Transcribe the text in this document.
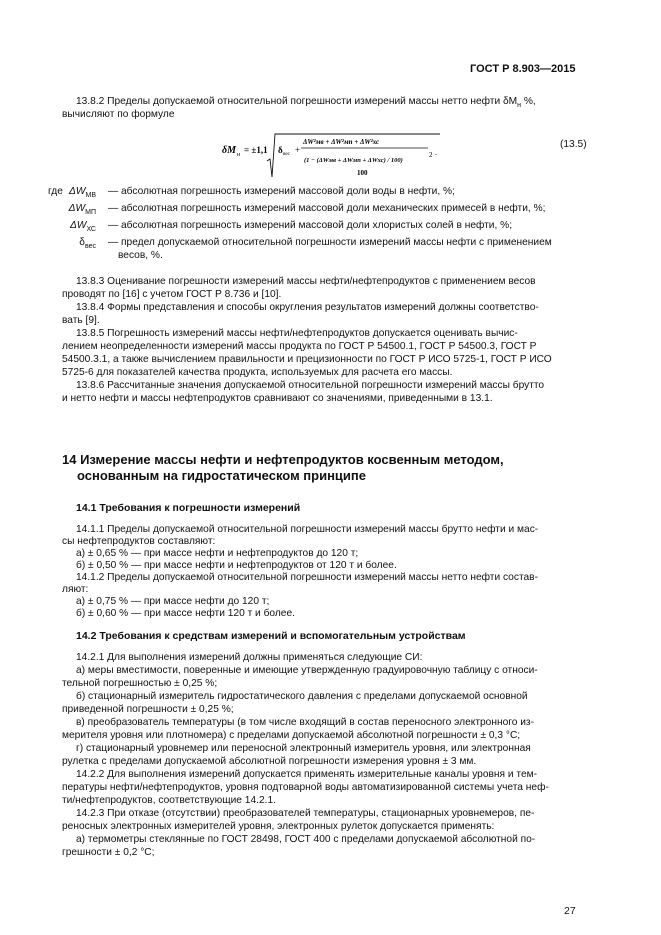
ГОСТ Р 8.903—2015
13.8.2 Пределы допускаемой относительной погрешности измерений массы нетто нефти $\delta M_н$ %,
вычисляют по формуле
δM н = ±1,1 δ вес +
ΔW²мв + ΔW²мп + ΔW²хс
(1 − (ΔWмв + ΔWмп + ΔWхс) / 100)
100
2 .
(13.5)
где $\Delta W_{МВ}$ — абсолютная погрешность измерений массовой доли воды в нефти, %;
$\Delta W_{МП}$ — абсолютная погрешность измерений массовой доли механических примесей в нефти, %;
$\Delta W_{ХС}$ — абсолютная погрешность измерений массовой доли хлористых солей в нефти, %;
$\delta_{вес}$ — предел допускаемой относительной погрешности измерений массы нефти с применением
весов, %.
13.8.3 Оценивание погрешности измерений массы нефти/нефтепродуктов с применением весов
проводят по [16] с учетом ГОСТ Р 8.736 и [10].
13.8.4 Формы представления и способы округления результатов измерений должны соответство-
вать [9].
13.8.5 Погрешность измерений массы нефти/нефтепродуктов допускается оценивать вычис-
лением неопределенности измерений массы продукта по ГОСТ Р 54500.1, ГОСТ Р 54500.3, ГОСТ Р
54500.3.1, а также вычислением правильности и прецизионности по ГОСТ Р ИСО 5725-1, ГОСТ Р ИСО
5725-6 для показателей качества продукта, используемых для расчета его массы.
13.8.6 Рассчитанные значения допускаемой относительной погрешности измерений массы брутто
и нетто нефти и массы нефтепродуктов сравнивают со значениями, приведенными в 13.1.
14 Измерение массы нефти и нефтепродуктов косвенным методом,
основанным на гидростатическом принципе
14.1 Требования к погрешности измерений
14.1.1 Пределы допускаемой относительной погрешности измерений массы брутто нефти и мас-
сы нефтепродуктов составляют:
а) ± 0,65 % — при массе нефти и нефтепродуктов до 120 т;
б) ± 0,50 % — при массе нефти и нефтепродуктов от 120 т и более.
14.1.2 Пределы допускаемой относительной погрешности измерений массы нетто нефти состав-
ляют:
а) ± 0,75 % — при массе нефти до 120 т;
б) ± 0,60 % — при массе нефти 120 т и более.
14.2 Требования к средствам измерений и вспомогательным устройствам
14.2.1 Для выполнения измерений должны применяться следующие СИ:
а) меры вместимости, поверенные и имеющие утвержденную градуировочную таблицу с относи-
тельной погрешностью ± 0,25 %;
б) стационарный измеритель гидростатического давления с пределами допускаемой основной
приведенной погрешности ± 0,25 %;
в) преобразователь температуры (в том числе входящий в состав переносного электронного из-
мерителя уровня или плотномера) с пределами допускаемой абсолютной погрешности ± 0,3 °C;
г) стационарный уровнемер или переносной электронный измеритель уровня, или электронная
рулетка с пределами допускаемой абсолютной погрешности измерения уровня ± 3 мм.
14.2.2 Для выполнения измерений допускается применять измерительные каналы уровня и тем-
пературы нефти/нефтепродуктов, уровня подтоварной воды автоматизированной системы учета неф-
ти/нефтепродуктов, соответствующие 14.2.1.
14.2.3 При отказе (отсутствии) преобразователей температуры, стационарных уровнемеров, пе-
реносных электронных измерителей уровня, электронных рулеток допускается применять:
а) термометры стеклянные по ГОСТ 28498, ГОСТ 400 с пределами допускаемой абсолютной по-
грешности ± 0,2 °C;
27
